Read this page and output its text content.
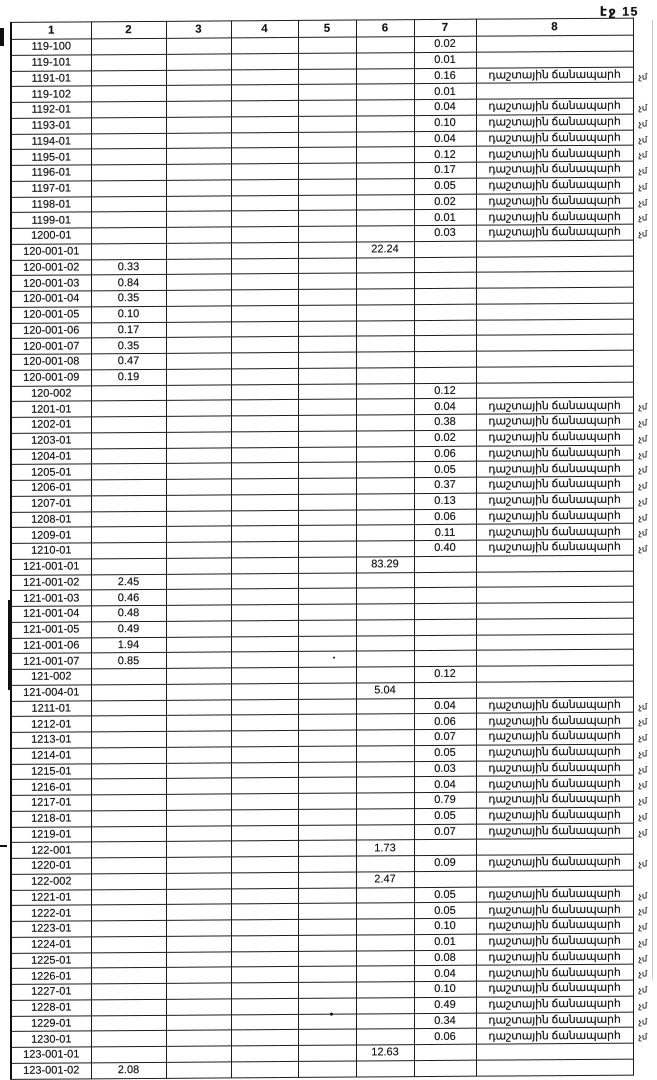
էջ 15
1	2	3	4	5	6	7	8
119-100						0.02	

119-101						0.01	

1191-01						0.16	դաշտային ճանապարհ չմ

119-102						0.01	

1192-01						0.04	դաշտային ճանապարհ չմ

1193-01						0.10	դաշտային ճանապարհ չմ

1194-01						0.04	դաշտային ճանապարհ չմ

1195-01						0.12	դաշտային ճանապարհ չմ

1196-01						0.17	դաշտային ճանապարհ չմ

1197-01						0.05	դաշտային ճանապարհ չմ

1198-01						0.02	դաշտային ճանապարհ չմ

1199-01						0.01	դաշտային ճանապարհ չմ

1200-01						0.03	դաշտային ճանապարհ չմ

120-001-01					22.24		

120-001-02	0.33						

120-001-03	0.84						

120-001-04	0.35						

120-001-05	0.10						

120-001-06	0.17						

120-001-07	0.35						

120-001-08	0.47						

120-001-09	0.19						

120-002						0.12	

1201-01						0.04	դաշտային ճանապարհ չմ

1202-01						0.38	դաշտային ճանապարհ չմ

1203-01						0.02	դաշտային ճանապարհ չմ

1204-01						0.06	դաշտային ճանապարհ չմ

1205-01						0.05	դաշտային ճանապարհ չմ

1206-01						0.37	դաշտային ճանապարհ չմ

1207-01						0.13	դաշտային ճանապարհ չմ

1208-01						0.06	դաշտային ճանապարհ չմ

1209-01						0.11	դաշտային ճանապարհ չմ

1210-01						0.40	դաշտային ճանապարհ չմ

121-001-01					83.29		

121-001-02	2.45						

121-001-03	0.46						

121-001-04	0.48						

121-001-05	0.49						

121-001-06	1.94						

121-001-07	0.85						

121-002						0.12	

121-004-01					5.04		

1211-01						0.04	դաշտային ճանապարհ չմ

1212-01						0.06	դաշտային ճանապարհ չմ

1213-01						0.07	դաշտային ճանապարհ չմ

1214-01						0.05	դաշտային ճանապարհ չմ

1215-01						0.03	դաշտային ճանապարհ չմ

1216-01						0.04	դաշտային ճանապարհ չմ

1217-01						0.79	դաշտային ճանապարհ չմ

1218-01						0.05	դաշտային ճանապարհ չմ

1219-01						0.07	դաշտային ճանապարհ չմ

122-001					1.73		

1220-01						0.09	դաշտային ճանապարհ չմ

122-002					2.47		

1221-01						0.05	դաշտային ճանապարհ չմ

1222-01						0.05	դաշտային ճանապարհ չմ

1223-01						0.10	դաշտային ճանապարհ չմ

1224-01						0.01	դաշտային ճանապարհ չմ

1225-01						0.08	դաշտային ճանապարհ չմ

1226-01						0.04	դաշտային ճանապարհ չմ

1227-01						0.10	դաշտային ճանապարհ չմ

1228-01						0.49	դաշտային ճանապարհ չմ

1229-01						0.34	դաշտային ճանապարհ չմ

1230-01						0.06	դաշտային ճանապարհ չմ

123-001-01					12.63		

123-001-02	2.08						
